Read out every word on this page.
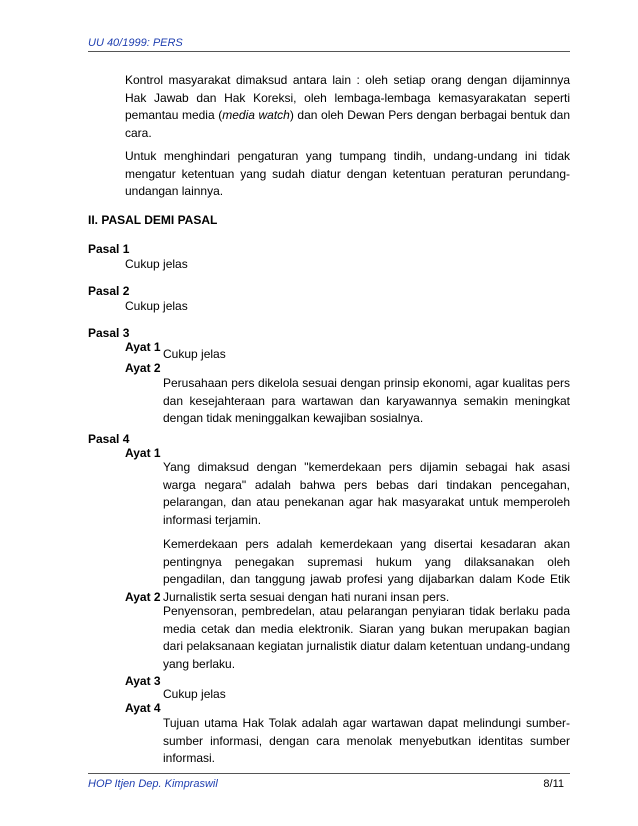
UU 40/1999: PERS
Kontrol masyarakat dimaksud antara lain : oleh setiap orang dengan dijaminnya Hak Jawab dan Hak Koreksi, oleh lembaga-lembaga kemasyarakatan seperti pemantau media (media watch) dan oleh Dewan Pers dengan berbagai bentuk dan cara.
Untuk menghindari pengaturan yang tumpang tindih, undang-undang ini tidak mengatur ketentuan yang sudah diatur dengan ketentuan peraturan perundang-undangan lainnya.
II. PASAL DEMI PASAL
Pasal 1
Cukup jelas
Pasal 2
Cukup jelas
Pasal 3
Ayat 1 Cukup jelas
Ayat 2
Perusahaan pers dikelola sesuai dengan prinsip ekonomi, agar kualitas pers dan kesejahteraan para wartawan dan karyawannya semakin meningkat dengan tidak meninggalkan kewajiban sosialnya.
Pasal 4
Ayat 1
Yang dimaksud dengan "kemerdekaan pers dijamin sebagai hak asasi warga negara" adalah bahwa pers bebas dari tindakan pencegahan, pelarangan, dan atau penekanan agar hak masyarakat untuk memperoleh informasi terjamin.
Kemerdekaan pers adalah kemerdekaan yang disertai kesadaran akan pentingnya penegakan supremasi hukum yang dilaksanakan oleh pengadilan, dan tanggung jawab profesi yang dijabarkan dalam Kode Etik Jurnalistik serta sesuai dengan hati nurani insan pers.
Ayat 2
Penyensoran, pembredelan, atau pelarangan penyiaran tidak berlaku pada media cetak dan media elektronik. Siaran yang bukan merupakan bagian dari pelaksanaan kegiatan jurnalistik diatur dalam ketentuan undang-undang yang berlaku.
Ayat 3
Cukup jelas
Ayat 4
Tujuan utama Hak Tolak adalah agar wartawan dapat melindungi sumber-sumber informasi, dengan cara menolak menyebutkan identitas sumber informasi.
HOP Itjen Dep. Kimpraswil	8/11
